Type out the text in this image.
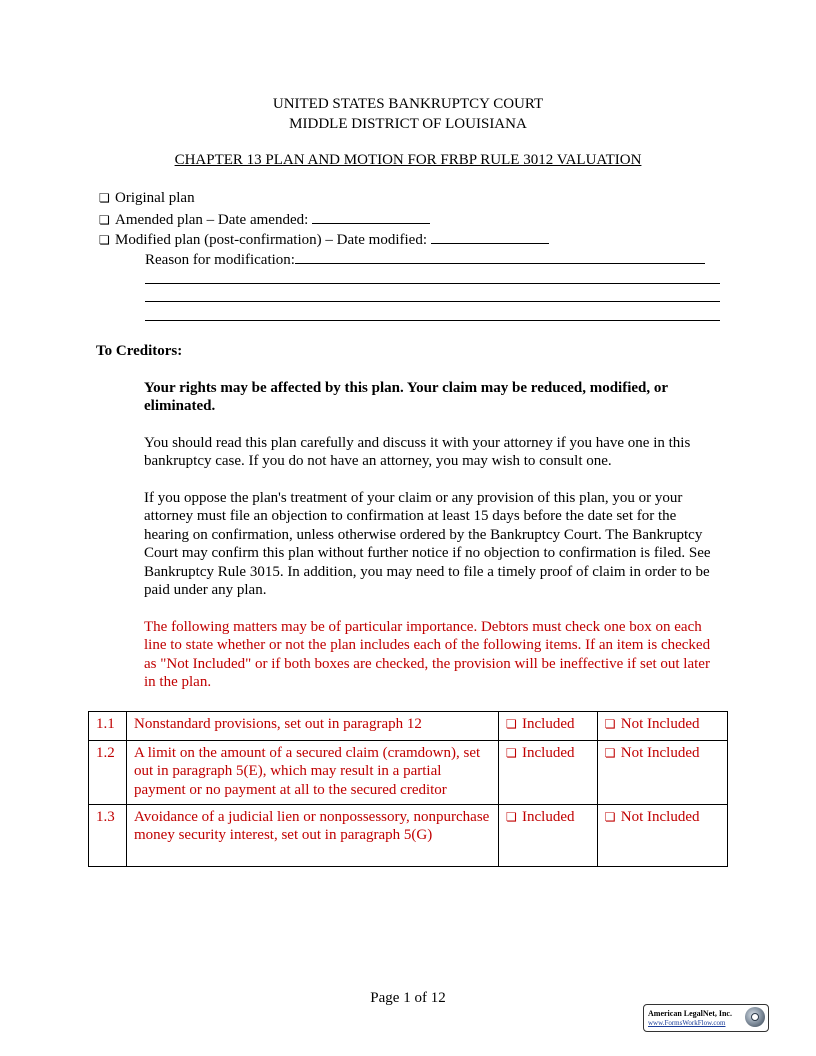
UNITED STATES BANKRUPTCY COURT
MIDDLE DISTRICT OF LOUISIANA
CHAPTER 13 PLAN AND MOTION FOR FRBP RULE 3012 VALUATION
❏ Original plan
❏ Amended plan – Date amended:
❏ Modified plan (post-confirmation) – Date modified:
Reason for modification:
To Creditors:
Your rights may be affected by this plan. Your claim may be reduced, modified, or eliminated.
You should read this plan carefully and discuss it with your attorney if you have one in this bankruptcy case. If you do not have an attorney, you may wish to consult one.
If you oppose the plan's treatment of your claim or any provision of this plan, you or your attorney must file an objection to confirmation at least 15 days before the date set for the hearing on confirmation, unless otherwise ordered by the Bankruptcy Court. The Bankruptcy Court may confirm this plan without further notice if no objection to confirmation is filed. See Bankruptcy Rule 3015. In addition, you may need to file a timely proof of claim in order to be paid under any plan.
The following matters may be of particular importance. Debtors must check one box on each line to state whether or not the plan includes each of the following items. If an item is checked as "Not Included" or if both boxes are checked, the provision will be ineffective if set out later in the plan.
1.1	Nonstandard provisions, set out in paragraph 12	❏ Included	❏ Not Included
1.2	A limit on the amount of a secured claim (cramdown), set out in paragraph 5(E), which may result in a partial payment or no payment at all to the secured creditor	❏ Included	❏ Not Included
1.3	Avoidance of a judicial lien or nonpossessory, nonpurchase money security interest, set out in paragraph 5(G)	❏ Included	❏ Not Included
Page 1 of 12
American LegalNet, Inc.
www.FormsWorkFlow.com
